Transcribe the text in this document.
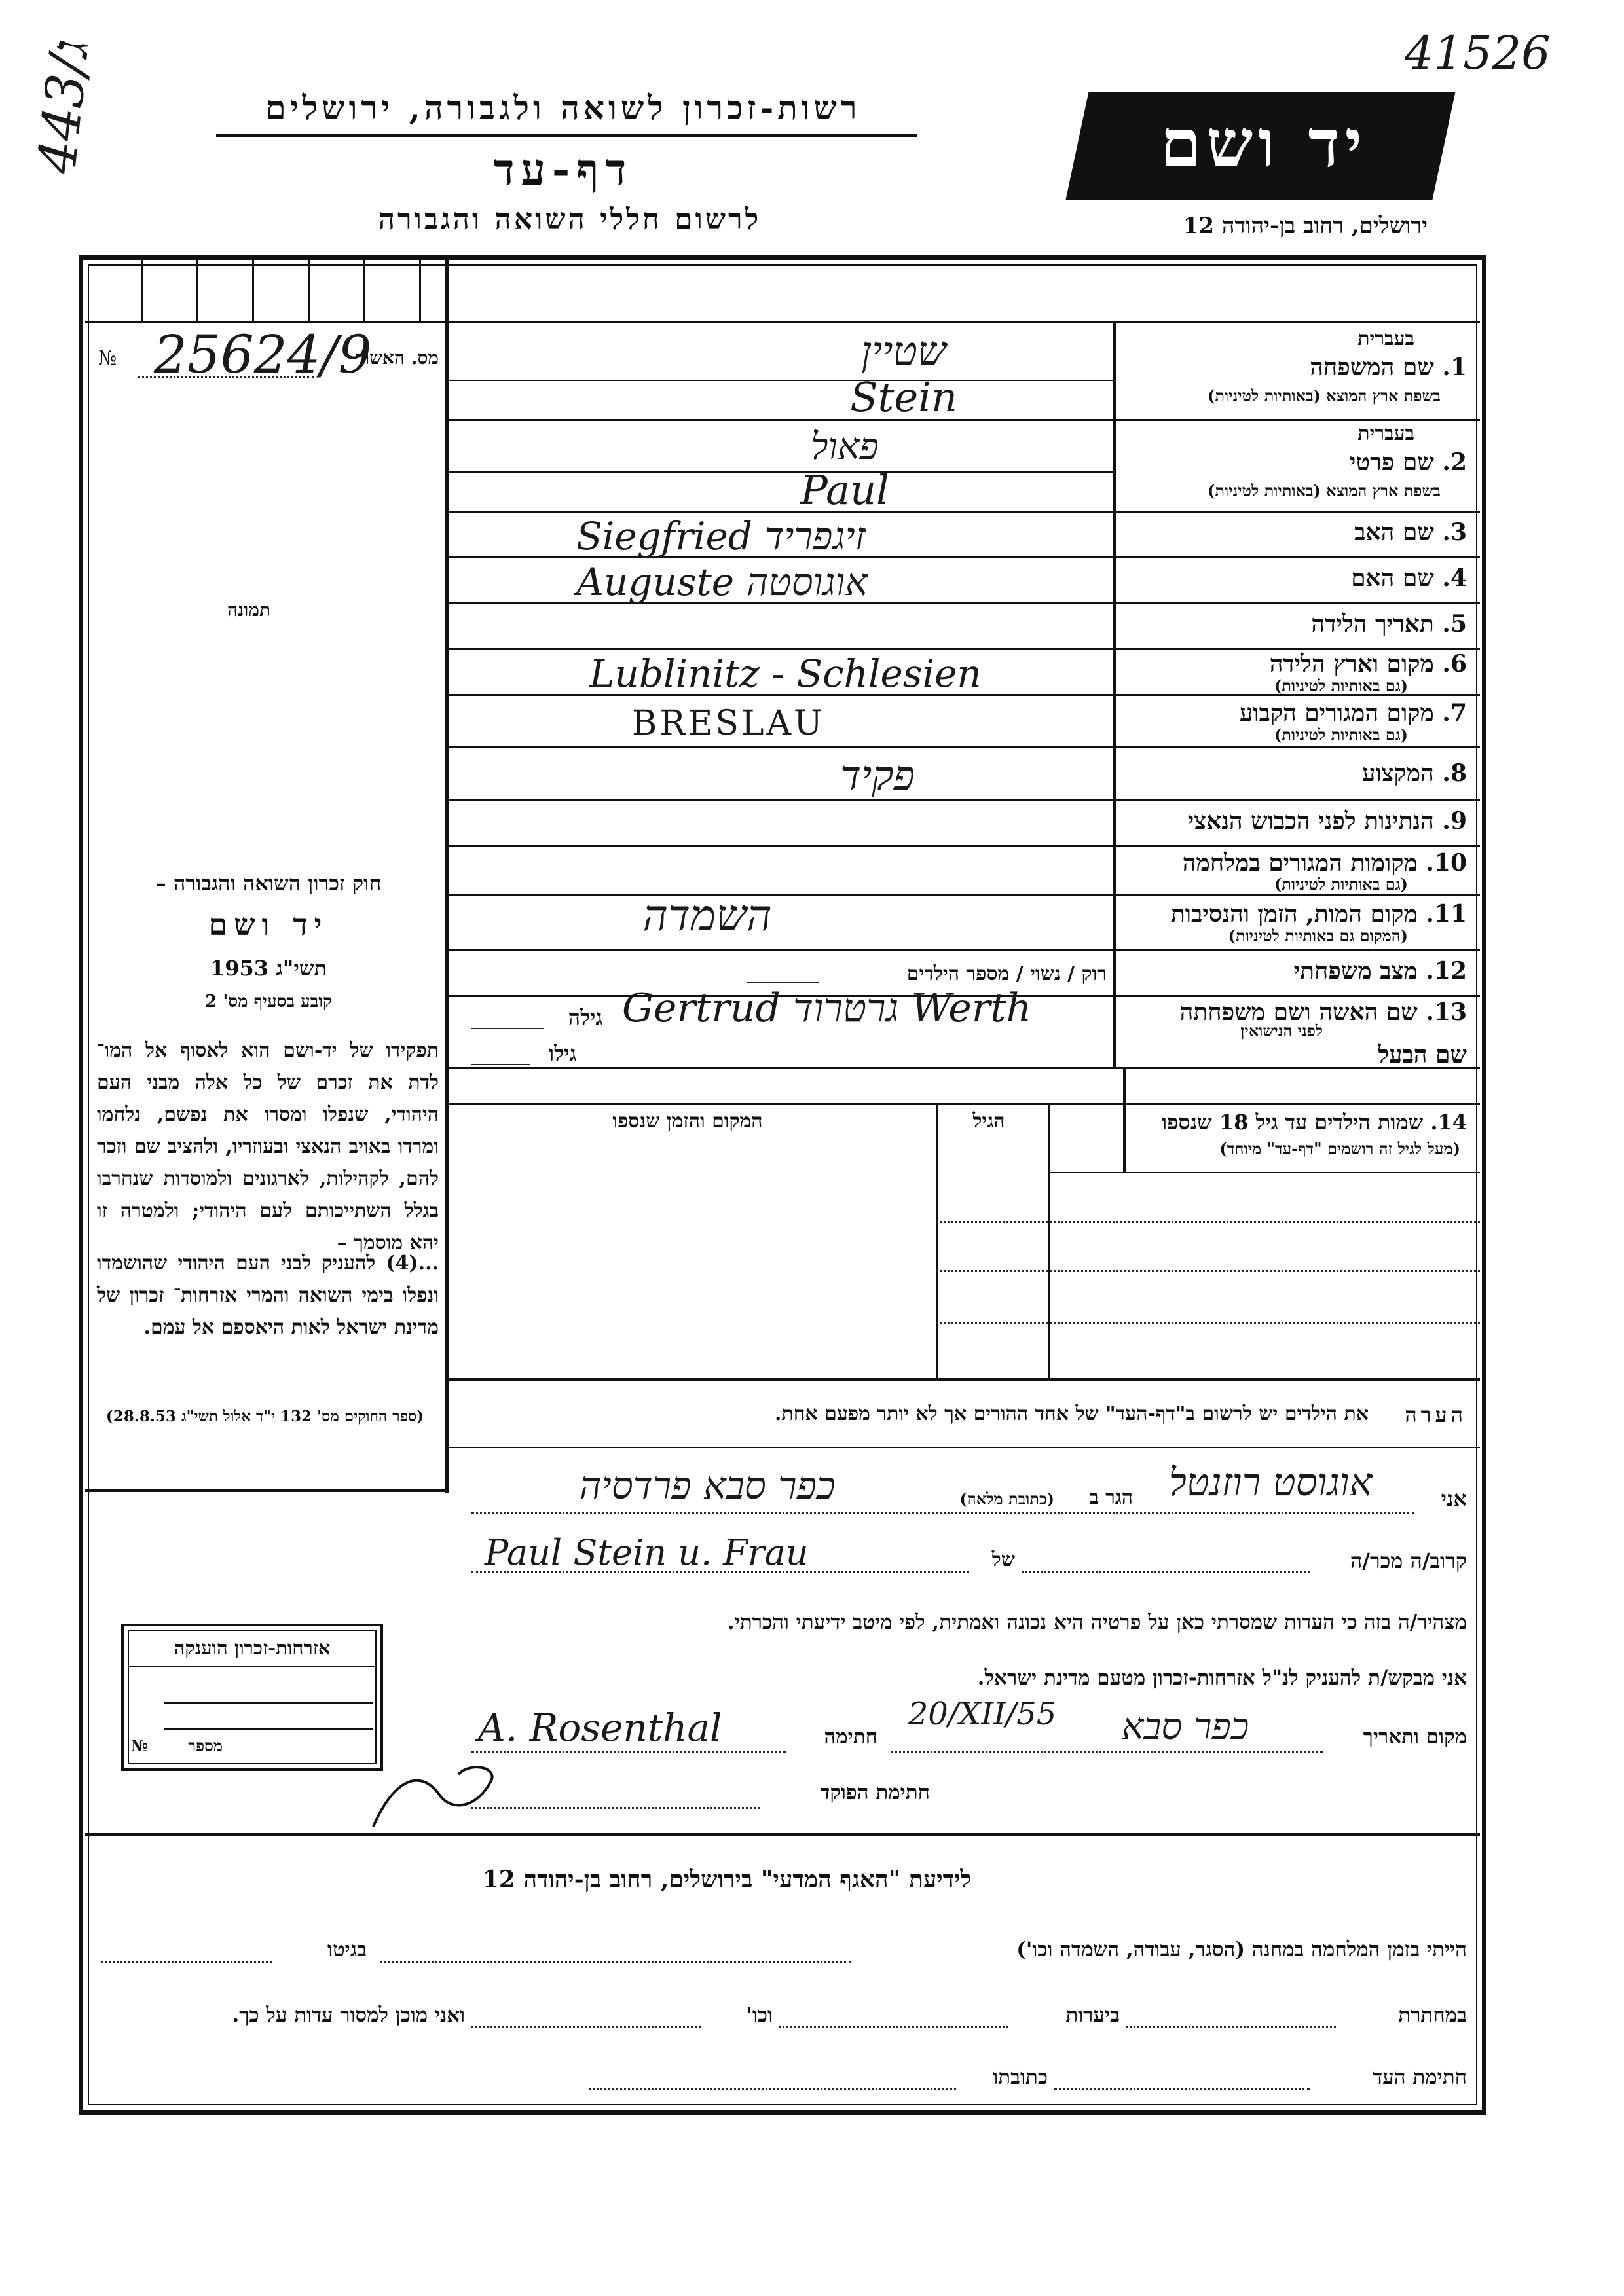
41526
443/ג
רשות-זכרון לשואה ולגבורה, ירושלים
דף-עד
לרשום חללי השואה והגבורה
יד ושם
ירושלים, רחוב בן-יהודה 12
מס. האשור
25624/9
№
תמונה
חוק זכרון השואה והגבורה –
יד ושם
תשי"ג 1953
קובע בסעיף מס' 2
תפקידו של יד-ושם הוא לאסוף אל המו־ לדת את זכרם של כל אלה מבני העם היהודי, שנפלו ומסרו את נפשם, נלחמו ומרדו באויב הנאצי ובעוזריו, ולהציב שם וזכר להם, לקהילות, לארגונים ולמוסדות שנחרבו בגלל השתייכותם לעם היהודי; ולמטרה זו יהא מוסמך –
...(4) להעניק לבני העם היהודי שהושמדו ונפלו בימי השואה והמרי אזרחות־ זכרון של מדינת ישראל לאות היאספם אל עמם.
(ספר החוקים מס' 132 י"ד אלול תשי"ג 28.8.53)
בעברית
1. שם המשפחה
בשפת ארץ המוצא (באותיות לטיניות)
שטיין
Stein
בעברית
2. שם פרטי
בשפת ארץ המוצא (באותיות לטיניות)
פאול
Paul
3. שם האב
Siegfried זיגפריד
4. שם האם
Auguste אוגוסטה
5. תאריך הלידה
6. מקום וארץ הלידה
(גם באותיות לטיניות)
Lublinitz - Schlesien
7. מקום המגורים הקבוע
(גם באותיות לטיניות)
BRESLAU
8. המקצוע
פקיד
9. הנתינות לפני הכבוש הנאצי
10. מקומות המגורים במלחמה
(גם באותיות לטיניות)
11. מקום המות, הזמן והנסיבות
(המקום גם באותיות לטיניות)
השמדה
12. מצב משפחתי
רוק / נשוי / מספר הילדים
13. שם האשה ושם משפחתה
לפני הנישואין
גילה Gertrud גרטרוד Werth
שם הבעל
גילו
14. שמות הילדים עד גיל 18 שנספו
(מעל לגיל זה רושמים "דף-עד" מיוחד)
הגיל
המקום והזמן שנספו
הערה
את הילדים יש לרשום ב"דף-העד" של אחד ההורים אך לא יותר מפעם אחת.
אני
אוגוסט רוזנטל
הגר ב
(כתובת מלאה)
כפר סבא פרדסיה
קרוב/ה מכר/ה
של
Paul Stein u. Frau
מצהיר/ה בזה כי העדות שמסרתי כאן על פרטיה היא נכונה ואמתית, לפי מיטב ידיעתי והכרתי.
אני מבקש/ת להעניק לנ"ל אזרחות-זכרון מטעם מדינת ישראל.
מקום ותאריך
כפר סבא
20/XII/55
חתימה
A. Rosenthal
חתימת הפוקד
אזרחות-זכרון הוענקה
מספר
№
לידיעת "האגף המדעי" בירושלים, רחוב בן-יהודה 12
הייתי בזמן המלחמה במחנה (הסגר, עבודה, השמדה וכו')
בגיטו
במחתרת
ביערות
וכו'
ואני מוכן למסור עדות על כך.
חתימת העד
כתובתו
